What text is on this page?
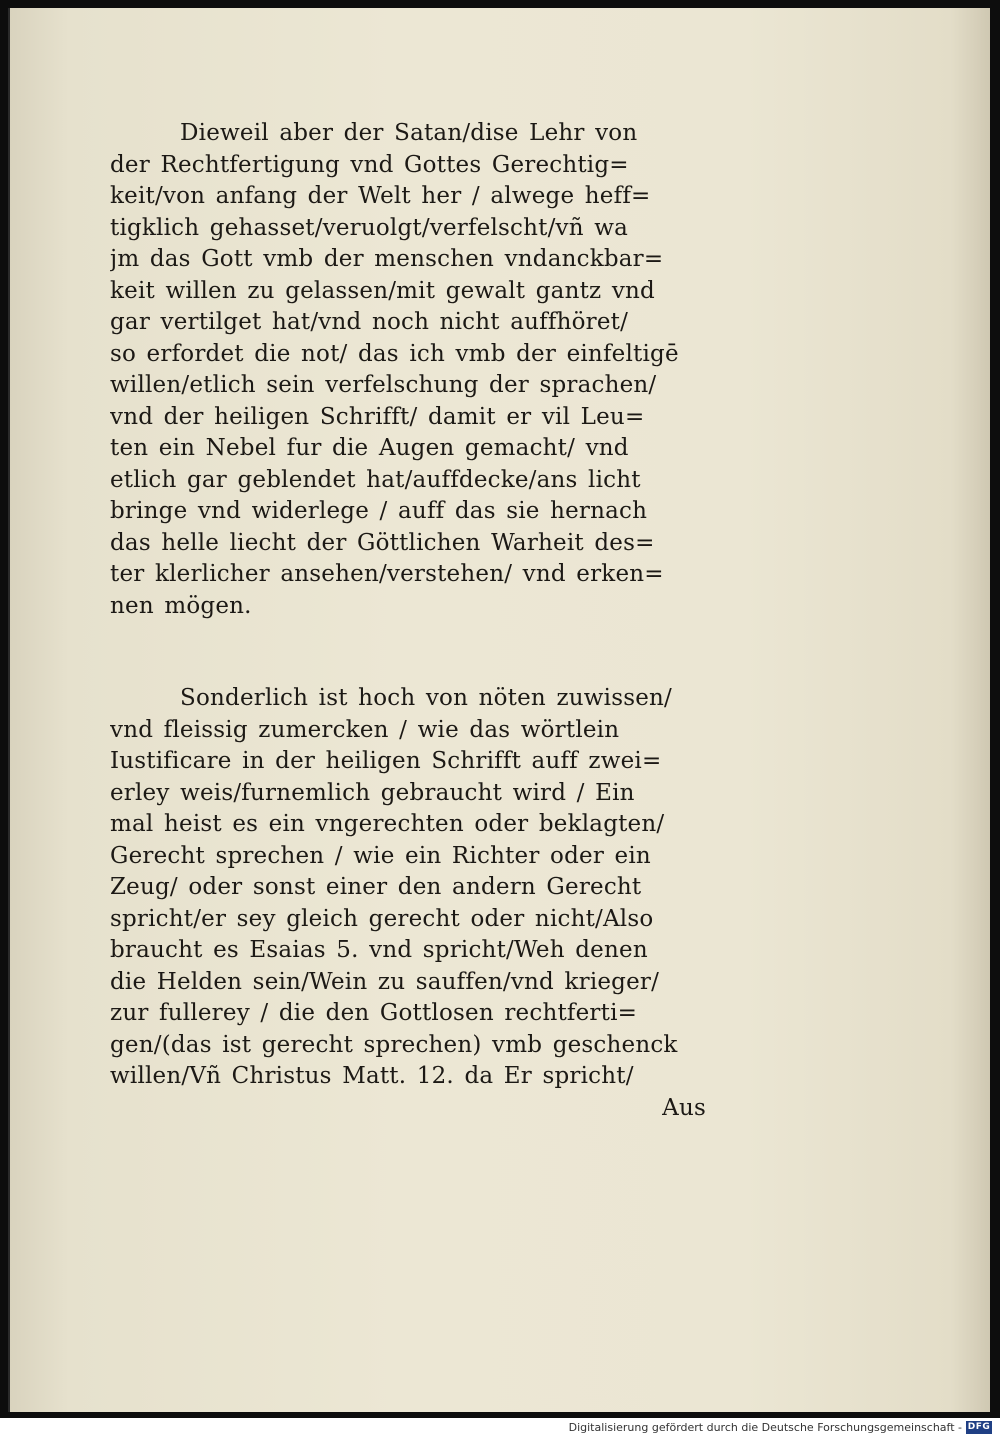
Dieweil aber der Satan/dise Lehr von
der Rechtfertigung vnd Gottes Gerechtig=
keit/von anfang der Welt her / alwege heff=
tigklich gehasset/veruolgt/verfelscht/vñ wa
jm das Gott vmb der menschen vndanckbar=
keit willen zu gelassen/mit gewalt gantz vnd
gar vertilget hat/vnd noch nicht auffhöret/
so erfordet die not/ das ich vmb der einfeltigē
willen/etlich sein verfelschung der sprachen/
vnd der heiligen Schrifft/ damit er vil Leu=
ten ein Nebel fur die Augen gemacht/ vnd
etlich gar geblendet hat/auffdecke/ans licht
bringe vnd widerlege / auff das sie hernach
das helle liecht der Göttlichen Warheit des=
ter klerlicher ansehen/verstehen/ vnd erken=
nen mögen.
Sonderlich ist hoch von nöten zuwissen/
vnd fleissig zumercken / wie das wörtlein
Iustificare in der heiligen Schrifft auff zwei=
erley weis/furnemlich gebraucht wird / Ein
mal heist es ein vngerechten oder beklagten/
Gerecht sprechen / wie ein Richter oder ein
Zeug/ oder sonst einer den andern Gerecht
spricht/er sey gleich gerecht oder nicht/Also
braucht es Esaias 5. vnd spricht/Weh denen
die Helden sein/Wein zu sauffen/vnd krieger/
zur fullerey / die den Gottlosen rechtferti=
gen/(das ist gerecht sprechen) vmb geschenck
willen/Vñ Christus Matt. 12. da Er spricht/
Aus
Digitalisierung gefördert durch die Deutsche Forschungsgemeinschaft - DFG
